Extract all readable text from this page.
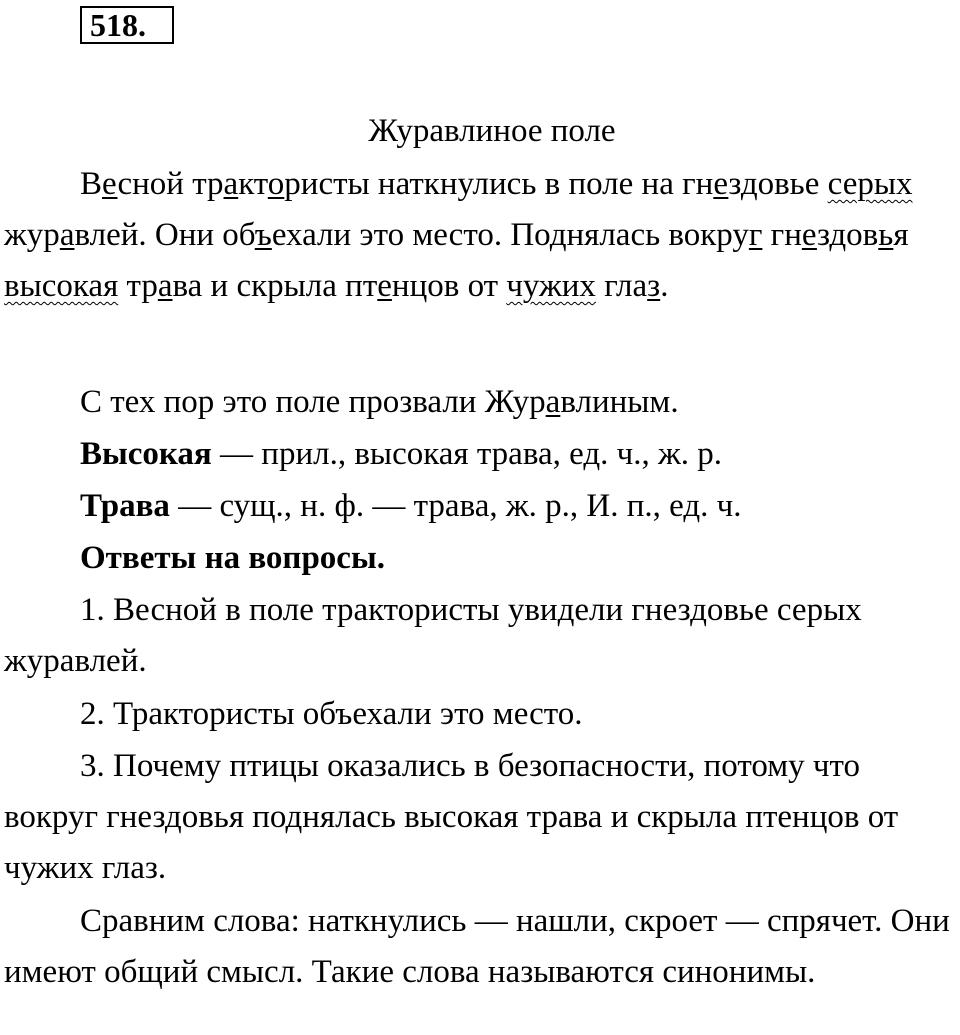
518.
Журавлиное поле
Весной трактористы наткнулись в поле на гнездовье серых журавлей. Они объехали это место. Поднялась вокруг гнездовья высокая трава и скрыла птенцов от чужих глаз.
С тех пор это поле прозвали Журавлиным.
Высокая — прил., высокая трава, ед. ч., ж. р.
Трава — сущ., н. ф. — трава, ж. р., И. п., ед. ч.
Ответы на вопросы.
1. Весной в поле трактористы увидели гнездовье серых журавлей.
2. Трактористы объехали это место.
3. Почему птицы оказались в безопасности, потому что вокруг гнездовья поднялась высокая трава и скрыла птенцов от чужих глаз.
Сравним слова: наткнулись — нашли, скроет — спрячет. Они имеют общий смысл. Такие слова называются синонимы.
